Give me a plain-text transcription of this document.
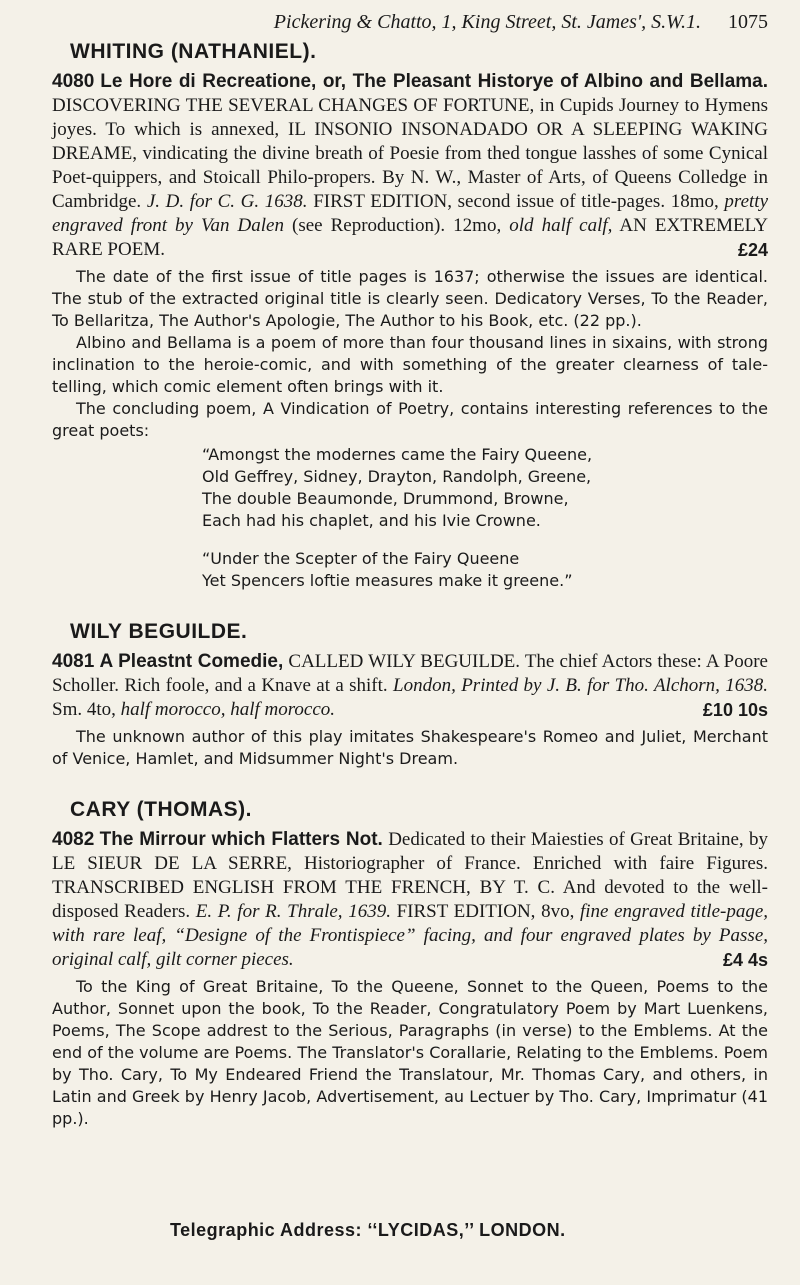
Pickering & Chatto, 1, King Street, St. James', S.W.1. 1075
WHITING (NATHANIEL).
4080 Le Hore di Recreatione, or, The Pleasant Historye of Albino and Bellama. DISCOVERING THE SEVERAL CHANGES OF FORTUNE, in Cupids Journey to Hymens joyes. To which is annexed, IL INSONIO INSONADADO OR A SLEEPING WAKING DREAME, vindicating the divine breath of Poesie from thed tongue lasshes of some Cynical Poet-quippers, and Stoicall Philo-propers. By N. W., Master of Arts, of Queens Colledge in Cambridge. J. D. for C. G. 1638. FIRST EDITION, second issue of title-pages. 18mo, pretty engraved front by Van Dalen (see Reproduction). 12mo, old half calf, AN EXTREMELY RARE POEM.	£24

The date of the first issue of title pages is 1637; otherwise the issues are identical. The stub of the extracted original title is clearly seen. Dedicatory Verses, To the Reader, To Bellaritza, The Author's Apologie, The Author to his Book, etc. (22 pp.).

Albino and Bellama is a poem of more than four thousand lines in sixains, with strong inclination to the heroie-comic, and with something of the greater clearness of tale-telling, which comic element often brings with it.

The concluding poem, A Vindication of Poetry, contains interesting references to the great poets:

“Amongst the modernes came the Fairy Queene,
Old Geffrey, Sidney, Drayton, Randolph, Greene,
The double Beaumonde, Drummond, Browne,
Each had his chaplet, and his Ivie Crowne.
“Under the Scepter of the Fairy Queene
Yet Spencers loftie measures make it greene.”
WILY BEGUILDE.
4081 A Pleastnt Comedie, CALLED WILY BEGUILDE. The chief Actors these: A Poore Scholler. Rich foole, and a Knave at a shift. London, Printed by J. B. for Tho. Alchorn, 1638. Sm. 4to, half morocco, half morocco.	£10 10s

The unknown author of this play imitates Shakespeare's Romeo and Juliet, Merchant of Venice, Hamlet, and Midsummer Night's Dream.

CARY (THOMAS).
4082 The Mirrour which Flatters Not. Dedicated to their Maiesties of Great Britaine, by LE SIEUR DE LA SERRE, Historiographer of France. Enriched with faire Figures. TRANSCRIBED ENGLISH FROM THE FRENCH, BY T. C. And devoted to the well-disposed Readers. E. P. for R. Thrale, 1639. FIRST EDITION, 8vo, fine engraved title-page, with rare leaf, “Designe of the Frontispiece” facing, and four engraved plates by Passe, original calf, gilt corner pieces.	£4 4s

To the King of Great Britaine, To the Queene, Sonnet to the Queen, Poems to the Author, Sonnet upon the book, To the Reader, Congratulatory Poem by Mart Luenkens, Poems, The Scope addrest to the Serious, Paragraphs (in verse) to the Emblems. At the end of the volume are Poems. The Translator's Corallarie, Relating to the Emblems. Poem by Tho. Cary, To My Endeared Friend the Translatour, Mr. Thomas Cary, and others, in Latin and Greek by Henry Jacob, Advertisement, au Lectuer by Tho. Cary, Imprimatur (41 pp.).

Telegraphic Address: ‘‘LYCIDAS,’’ LONDON.
